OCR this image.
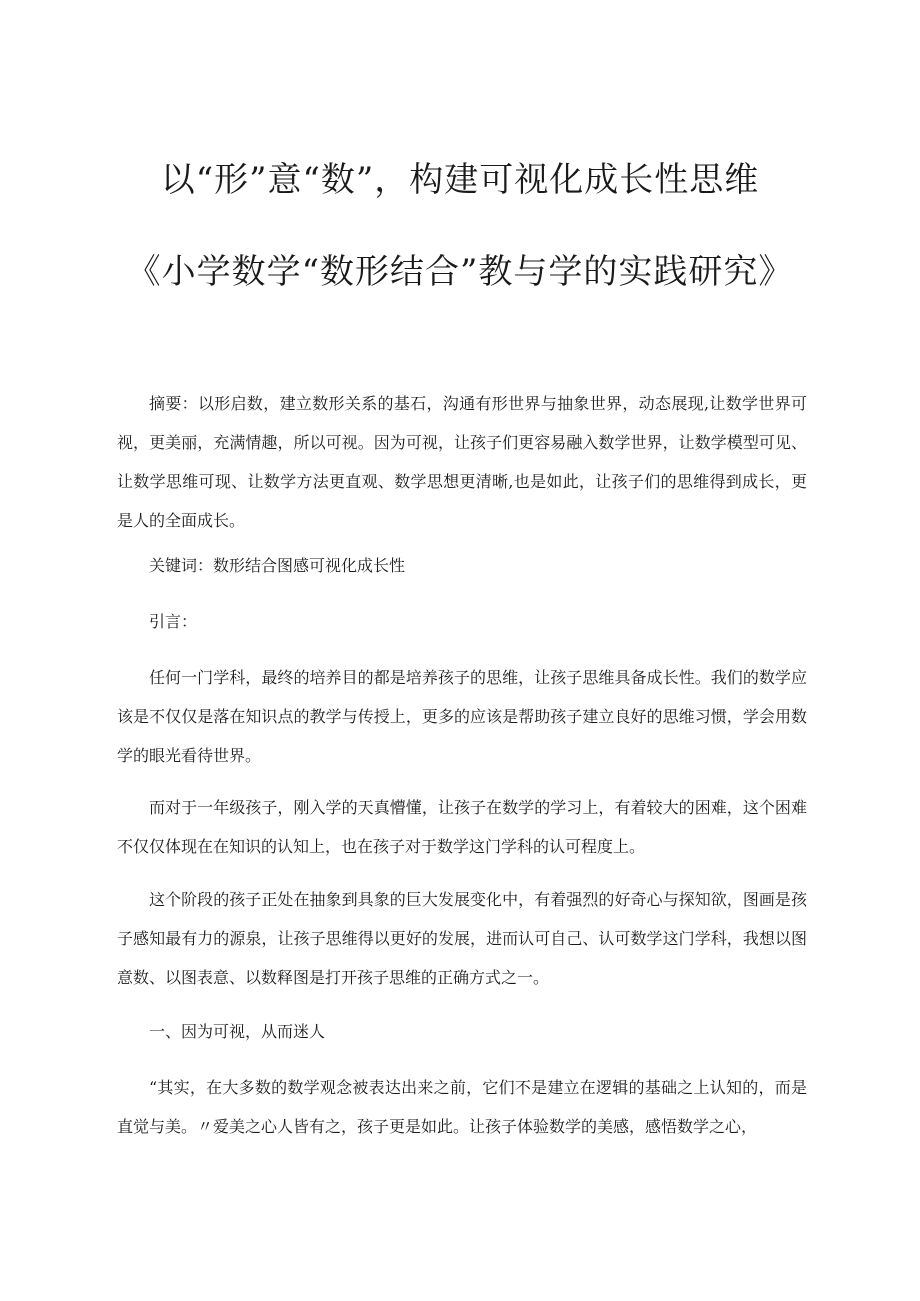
以“形”意“数”，构建可视化成长性思维
《小学数学“数形结合”教与学的实践研究》

摘要：以形启数，建立数形关系的基石，沟通有形世界与抽象世界，动态展现,让数学世界可视，更美丽，充满情趣，所以可视。因为可视，让孩子们更容易融入数学世界，让数学模型可见、让数学思维可现、让数学方法更直观、数学思想更清晰,也是如此，让孩子们的思维得到成长，更是人的全面成长。

关键词：数形结合图感可视化成长性

引言：

任何一门学科，最终的培养目的都是培养孩子的思维，让孩子思维具备成长性。我们的数学应该是不仅仅是落在知识点的教学与传授上，更多的应该是帮助孩子建立良好的思维习惯，学会用数学的眼光看待世界。

而对于一年级孩子，刚入学的天真懵懂，让孩子在数学的学习上，有着较大的困难，这个困难不仅仅体现在在知识的认知上，也在孩子对于数学这门学科的认可程度上。

这个阶段的孩子正处在抽象到具象的巨大发展变化中，有着强烈的好奇心与探知欲，图画是孩子感知最有力的源泉，让孩子思维得以更好的发展，进而认可自己、认可数学这门学科，我想以图意数、以图表意、以数释图是打开孩子思维的正确方式之一。

一、因为可视，从而迷人

“其实，在大多数的数学观念被表达出来之前，它们不是建立在逻辑的基础之上认知的，而是直觉与美。〃爱美之心人皆有之，孩子更是如此。让孩子体验数学的美感，感悟数学之心，
